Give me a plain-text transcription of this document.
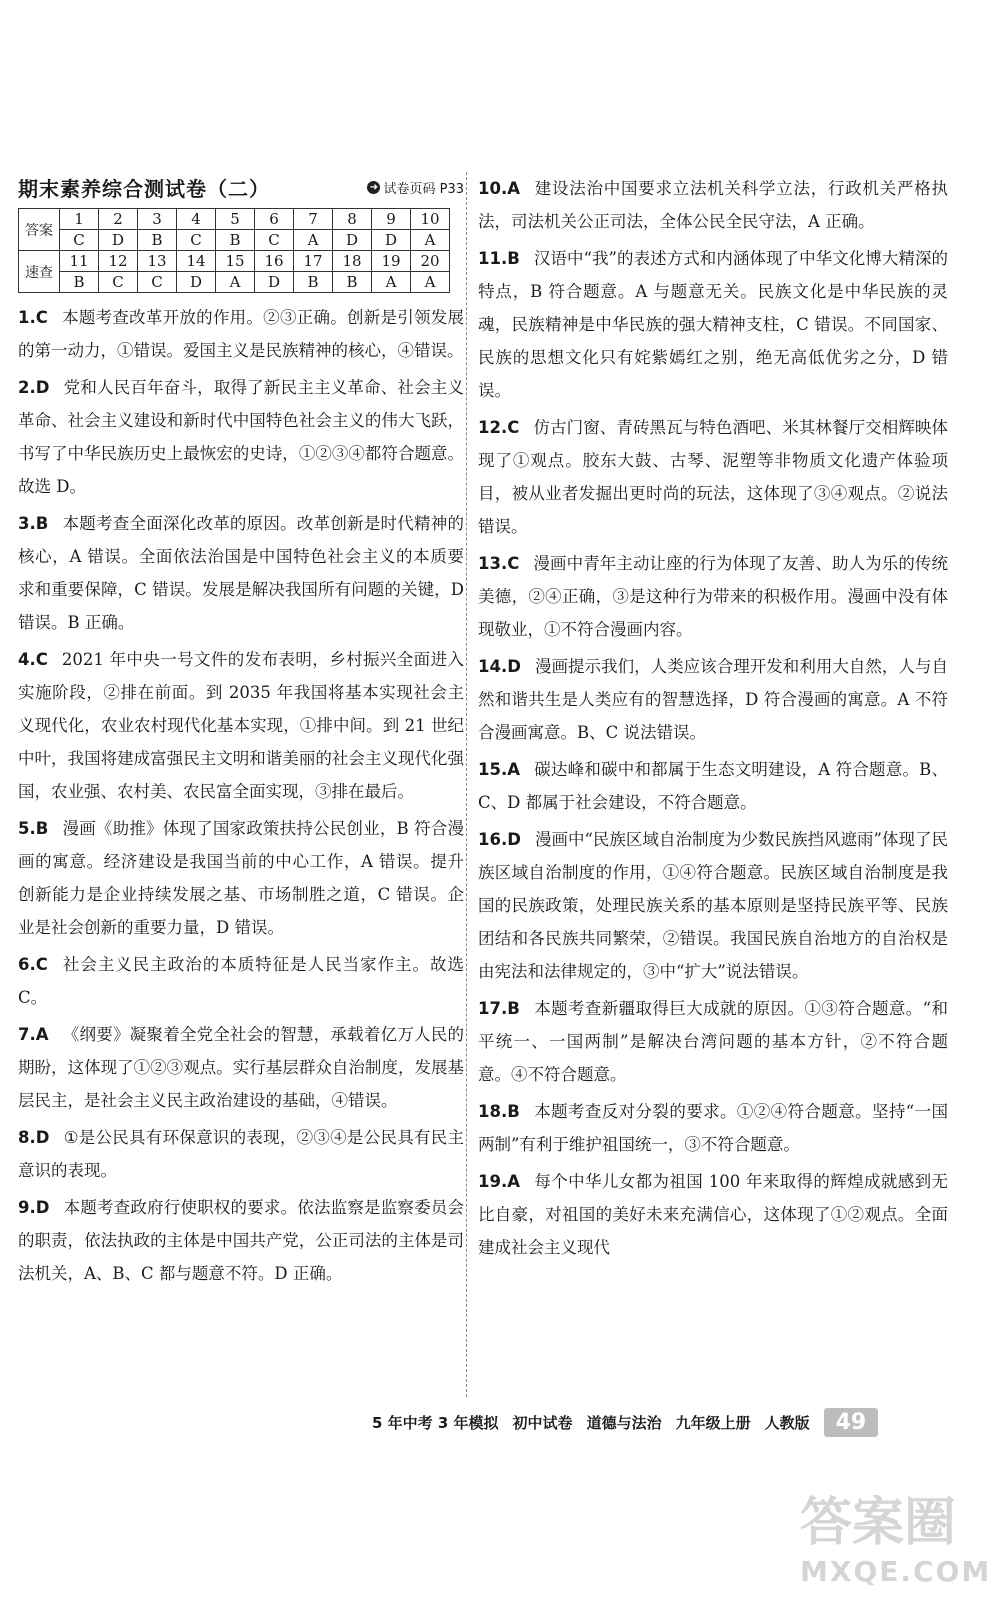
期末素养综合测试卷（二）	➜ 试卷页码 P33
答案	1	2	3	4	5	6	7	8	9	10
	C	D	B	C	B	C	A	D	D	A
速查	11	12	13	14	15	16	17	18	19	20
	B	C	C	D	A	D	B	B	A	A
1.C 本题考查改革开放的作用。②③正确。创新是引领发展的第一动力，①错误。爱国主义是民族精神的核心，④错误。
2.D 党和人民百年奋斗，取得了新民主主义革命、社会主义革命、社会主义建设和新时代中国特色社会主义的伟大飞跃，书写了中华民族历史上最恢宏的史诗，①②③④都符合题意。故选 D。
3.B 本题考查全面深化改革的原因。改革创新是时代精神的核心，A 错误。全面依法治国是中国特色社会主义的本质要求和重要保障，C 错误。发展是解决我国所有问题的关键，D 错误。B 正确。
4.C 2021 年中央一号文件的发布表明，乡村振兴全面进入实施阶段，②排在前面。到 2035 年我国将基本实现社会主义现代化，农业农村现代化基本实现，①排中间。到 21 世纪中叶，我国将建成富强民主文明和谐美丽的社会主义现代化强国，农业强、农村美、农民富全面实现，③排在最后。
5.B 漫画《助推》体现了国家政策扶持公民创业，B 符合漫画的寓意。经济建设是我国当前的中心工作，A 错误。提升创新能力是企业持续发展之基、市场制胜之道，C 错误。企业是社会创新的重要力量，D 错误。
6.C 社会主义民主政治的本质特征是人民当家作主。故选 C。
7.A 《纲要》凝聚着全党全社会的智慧，承载着亿万人民的期盼，这体现了①②③观点。实行基层群众自治制度，发展基层民主，是社会主义民主政治建设的基础，④错误。
8.D ①是公民具有环保意识的表现，②③④是公民具有民主意识的表现。
9.D 本题考查政府行使职权的要求。依法监察是监察委员会的职责，依法执政的主体是中国共产党，公正司法的主体是司法机关，A、B、C 都与题意不符。D 正确。
10.A 建设法治中国要求立法机关科学立法，行政机关严格执法，司法机关公正司法，全体公民全民守法，A 正确。
11.B 汉语中“我”的表述方式和内涵体现了中华文化博大精深的特点，B 符合题意。A 与题意无关。民族文化是中华民族的灵魂，民族精神是中华民族的强大精神支柱，C 错误。不同国家、民族的思想文化只有姹紫嫣红之别，绝无高低优劣之分，D 错误。
12.C 仿古门窗、青砖黑瓦与特色酒吧、米其林餐厅交相辉映体现了①观点。胶东大鼓、古琴、泥塑等非物质文化遗产体验项目，被从业者发掘出更时尚的玩法，这体现了③④观点。②说法错误。
13.C 漫画中青年主动让座的行为体现了友善、助人为乐的传统美德，②④正确，③是这种行为带来的积极作用。漫画中没有体现敬业，①不符合漫画内容。
14.D 漫画提示我们，人类应该合理开发和利用大自然，人与自然和谐共生是人类应有的智慧选择，D 符合漫画的寓意。A 不符合漫画寓意。B、C 说法错误。
15.A 碳达峰和碳中和都属于生态文明建设，A 符合题意。B、C、D 都属于社会建设，不符合题意。
16.D 漫画中“民族区域自治制度为少数民族挡风遮雨”体现了民族区域自治制度的作用，①④符合题意。民族区域自治制度是我国的民族政策，处理民族关系的基本原则是坚持民族平等、民族团结和各民族共同繁荣，②错误。我国民族自治地方的自治权是由宪法和法律规定的，③中“扩大”说法错误。
17.B 本题考查新疆取得巨大成就的原因。①③符合题意。“和平统一、一国两制”是解决台湾问题的基本方针，②不符合题意。④不符合题意。
18.B 本题考查反对分裂的要求。①②④符合题意。坚持“一国两制”有利于维护祖国统一，③不符合题意。
19.A 每个中华儿女都为祖国 100 年来取得的辉煌成就感到无比自豪，对祖国的美好未来充满信心，这体现了①②观点。全面建成社会主义现代
5 年中考 3 年模拟 初中试卷 道德与法治 九年级上册 人教版	49
答案圈
MXQE.COM
